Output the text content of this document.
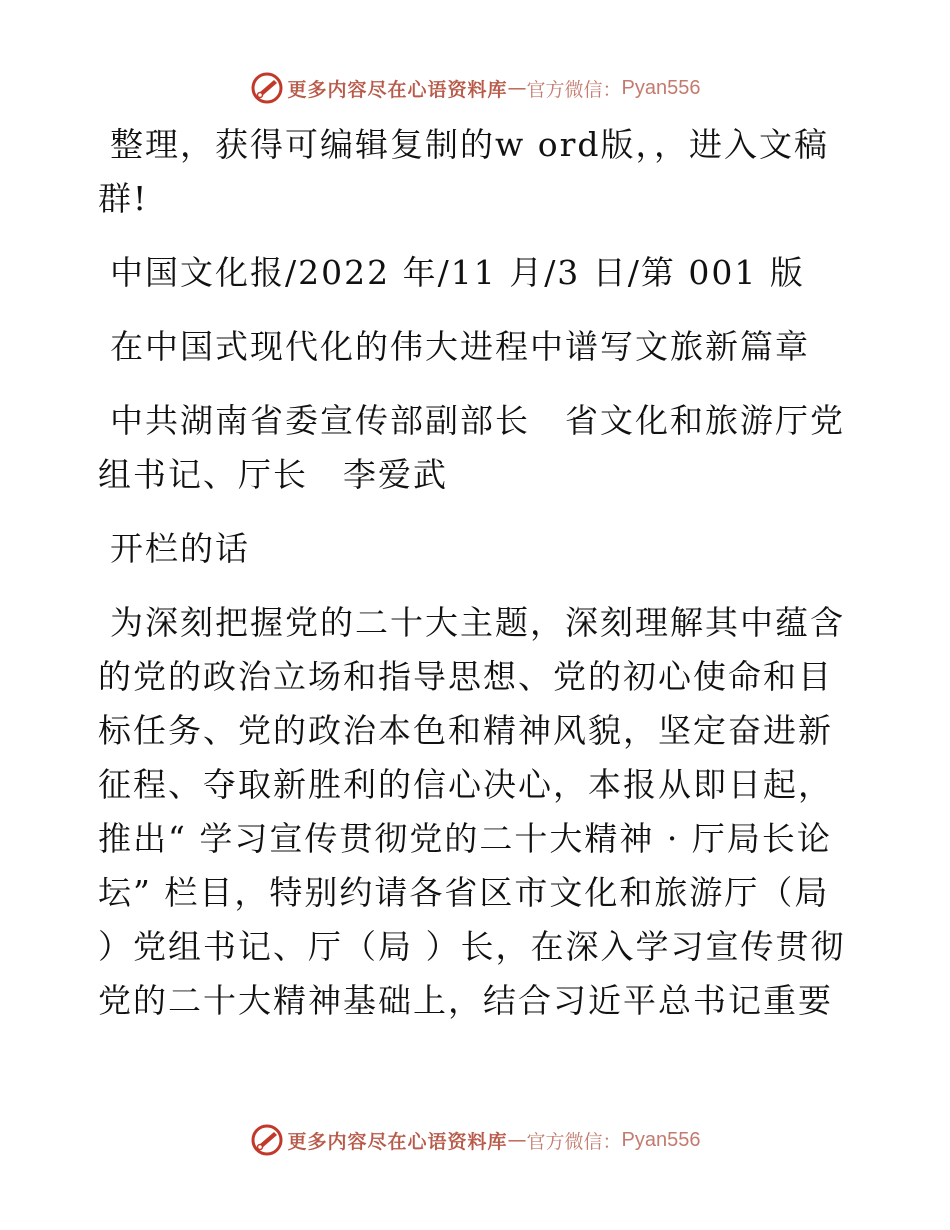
更多内容尽在心语资料库 — 官方微信： Pyan556

整理，获得可编辑复制的w ord版，，进入文稿群!

中国文化报/2022 年/11 月/3 日/第 001 版

在中国式现代化的伟大进程中谱写文旅新篇章

中共湖南省委宣传部副部长　省文化和旅游厅党组书记、厅长　李爱武

开栏的话

为深刻把握党的二十大主题，深刻理解其中蕴含的党的政治立场和指导思想、党的初心使命和目标任务、党的政治本色和精神风貌，坚定奋进新征程、夺取新胜利的信心决心，本报从即日起，推出“ 学习宣传贯彻党的二十大精神 · 厅局长论坛” 栏目，特别约请各省区市文化和旅游厅（局 ）党组书记、厅（局 ）长，在深入学习宣传贯彻党的二十大精神基础上，结合习近平总书记重要

更多内容尽在心语资料库 — 官方微信： Pyan556
